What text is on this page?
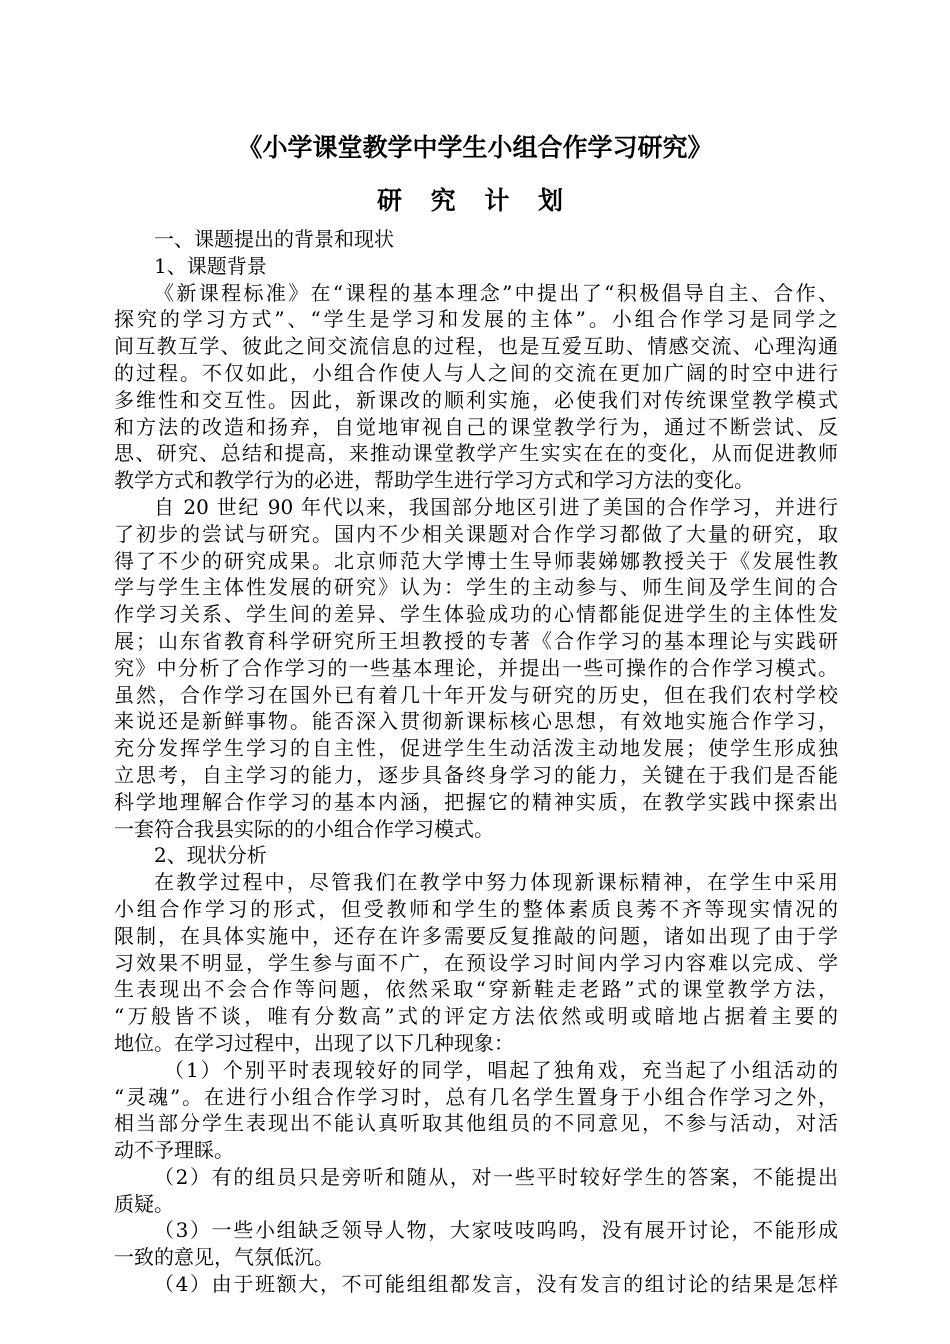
《小学课堂教学中学生小组合作学习研究》
研 究 计 划
一、课题提出的背景和现状
1、课题背景
《新课程标准》在“课程的基本理念”中提出了“积极倡导自主、合作、
探究的学习方式”、“学生是学习和发展的主体”。小组合作学习是同学之
间互教互学、彼此之间交流信息的过程，也是互爱互助、情感交流、心理沟通
的过程。不仅如此，小组合作使人与人之间的交流在更加广阔的时空中进行
多维性和交互性。因此，新课改的顺利实施，必使我们对传统课堂教学模式
和方法的改造和扬弃，自觉地审视自己的课堂教学行为，通过不断尝试、反
思、研究、总结和提高，来推动课堂教学产生实实在在的变化，从而促进教师
教学方式和教学行为的必进，帮助学生进行学习方式和学习方法的变化。
自 20 世纪 90 年代以来，我国部分地区引进了美国的合作学习，并进行
了初步的尝试与研究。国内不少相关课题对合作学习都做了大量的研究，取
得了不少的研究成果。北京师范大学博士生导师裴娣娜教授关于《发展性教
学与学生主体性发展的研究》认为：学生的主动参与、师生间及学生间的合
作学习关系、学生间的差异、学生体验成功的心情都能促进学生的主体性发
展；山东省教育科学研究所王坦教授的专著《合作学习的基本理论与实践研
究》中分析了合作学习的一些基本理论，并提出一些可操作的合作学习模式。
虽然，合作学习在国外已有着几十年开发与研究的历史，但在我们农村学校
来说还是新鲜事物。能否深入贯彻新课标核心思想，有效地实施合作学习，
充分发挥学生学习的自主性，促进学生生动活泼主动地发展；使学生形成独
立思考，自主学习的能力，逐步具备终身学习的能力，关键在于我们是否能
科学地理解合作学习的基本内涵，把握它的精神实质，在教学实践中探索出
一套符合我县实际的的小组合作学习模式。
2、现状分析
在教学过程中，尽管我们在教学中努力体现新课标精神，在学生中采用
小组合作学习的形式，但受教师和学生的整体素质良莠不齐等现实情况的
限制，在具体实施中，还存在许多需要反复推敲的问题，诸如出现了由于学
习效果不明显，学生参与面不广，在预设学习时间内学习内容难以完成、学
生表现出不会合作等问题，依然采取“穿新鞋走老路”式的课堂教学方法，
“万般皆不谈，唯有分数高”式的评定方法依然或明或暗地占据着主要的
地位。在学习过程中，出现了以下几种现象：
（1）个别平时表现较好的同学，唱起了独角戏，充当起了小组活动的
“灵魂”。在进行小组合作学习时，总有几名学生置身于小组合作学习之外，
相当部分学生表现出不能认真听取其他组员的不同意见，不参与活动，对活
动不予理睬。
（2）有的组员只是旁听和随从，对一些平时较好学生的答案，不能提出
质疑。
（3）一些小组缺乏领导人物，大家吱吱呜呜，没有展开讨论，不能形成
一致的意见，气氛低沉。
（4）由于班额大，不可能组组都发言，没有发言的组讨论的结果是怎样
